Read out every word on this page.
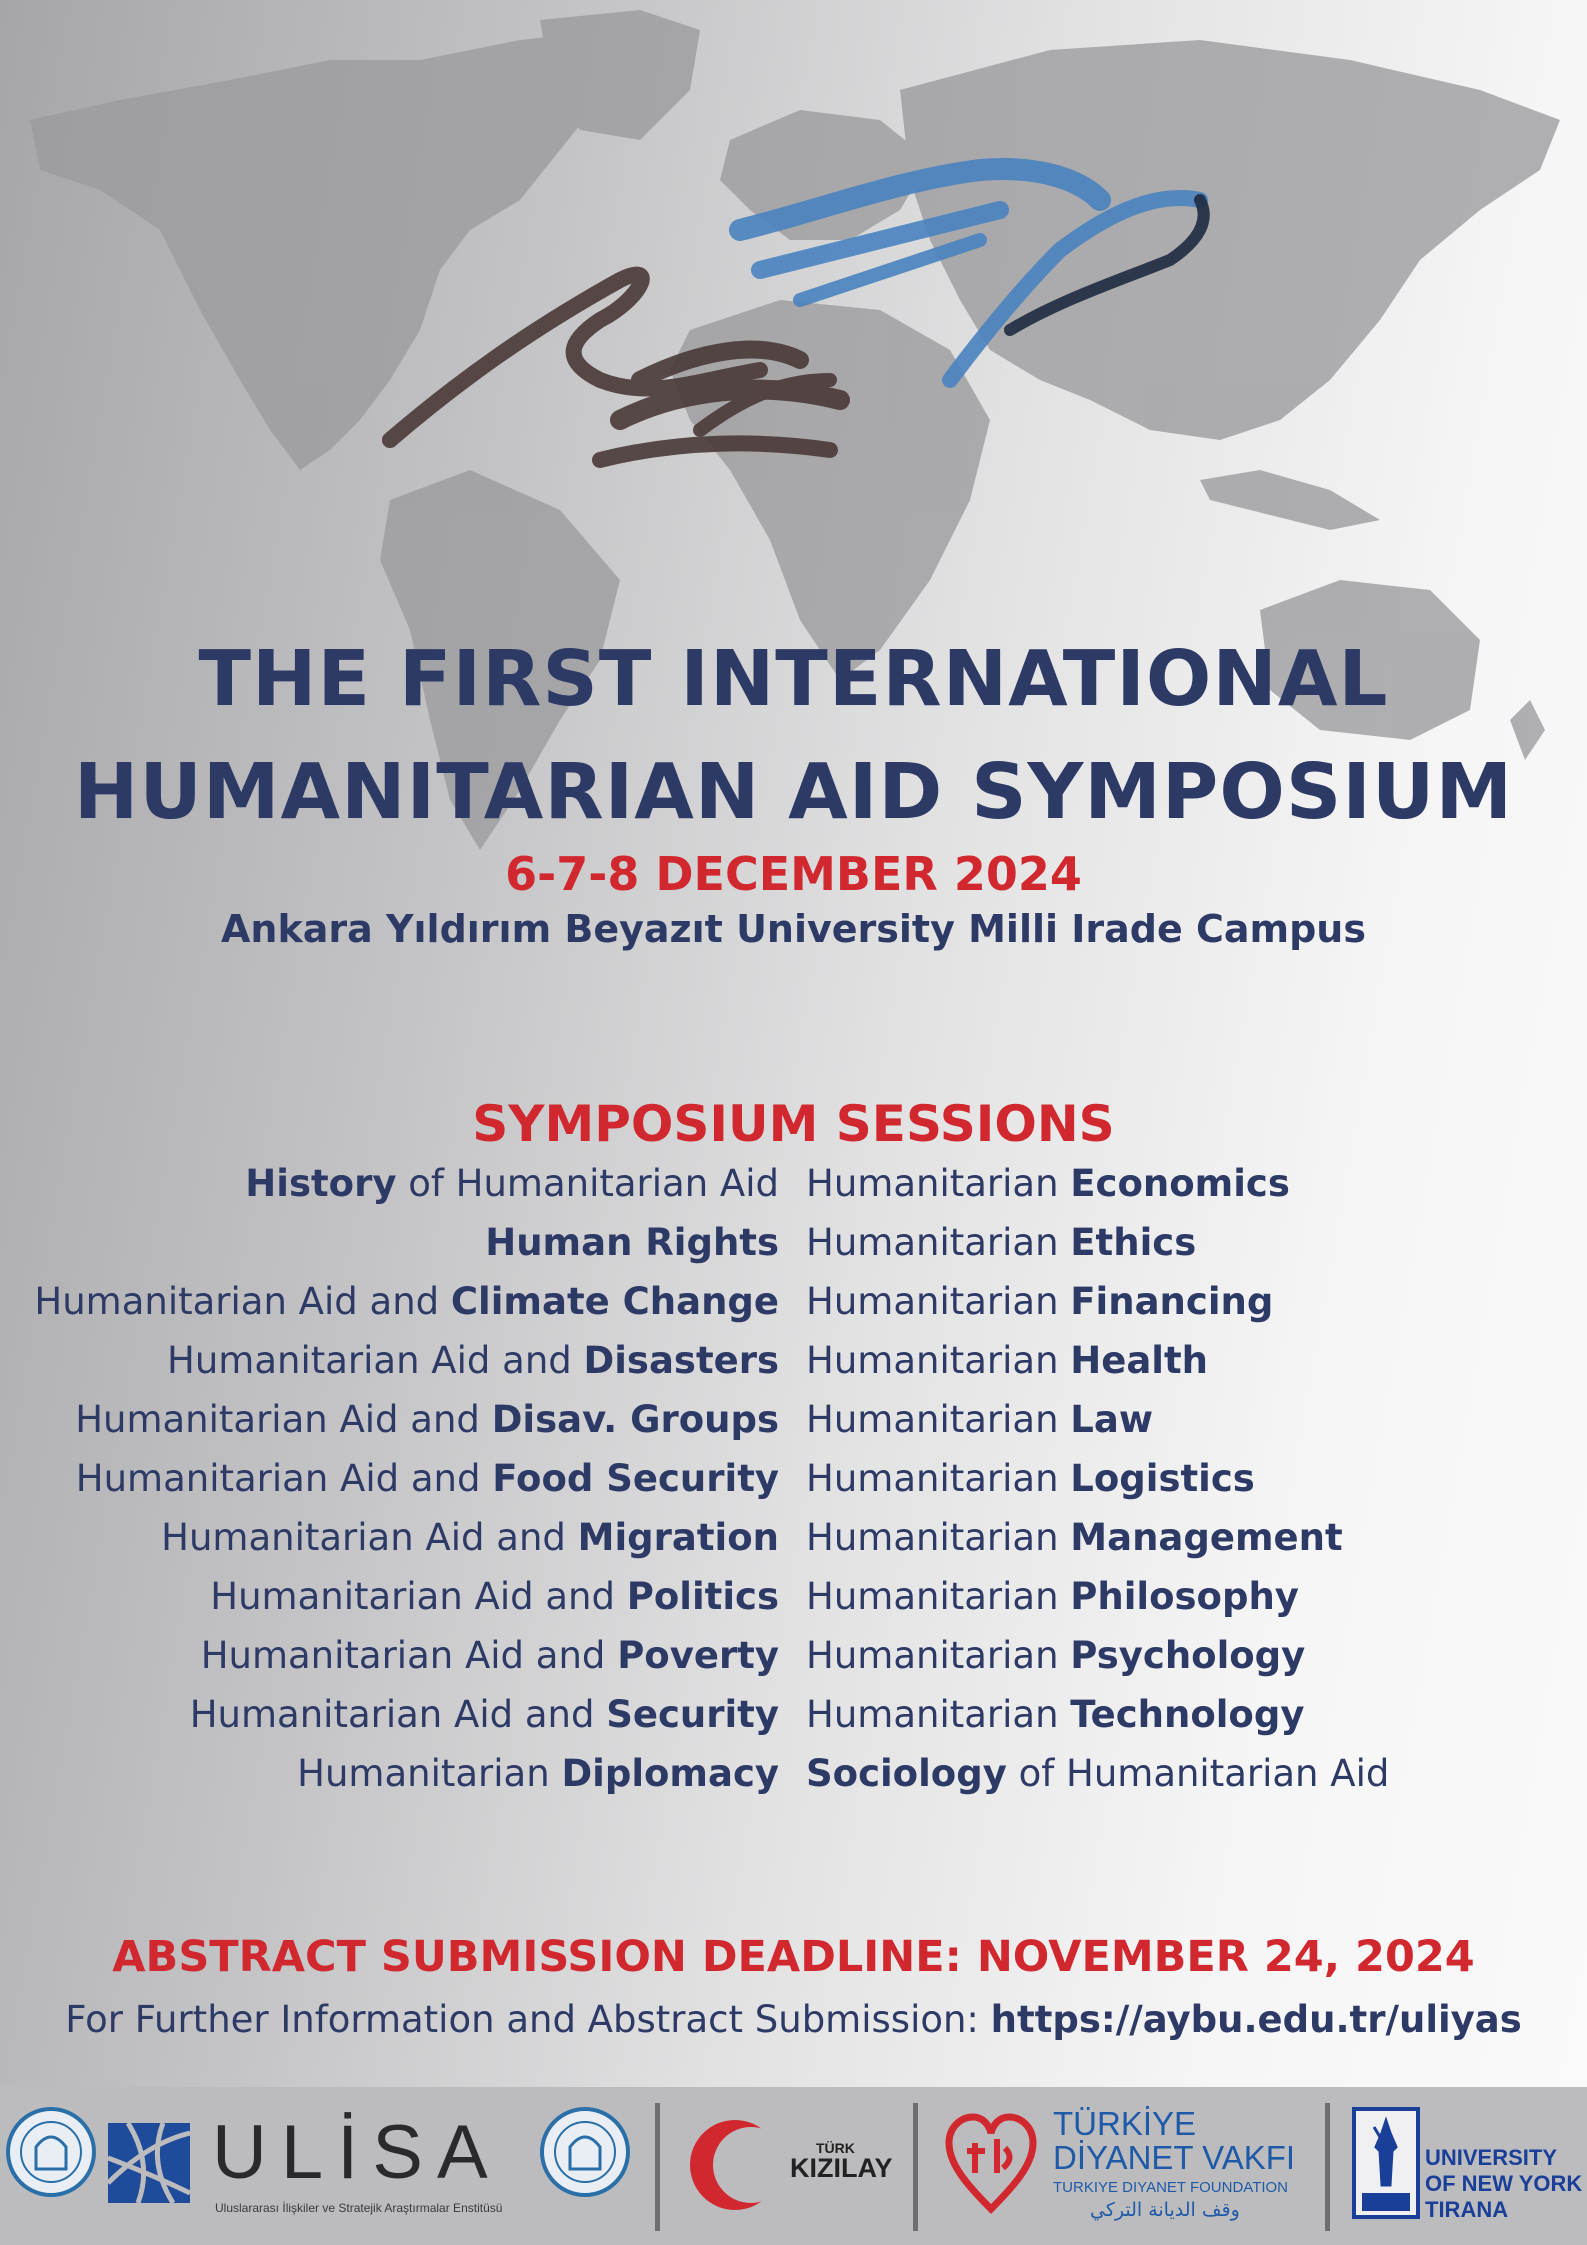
THE FIRST INTERNATIONAL
HUMANITARIAN AID SYMPOSIUM
6-7-8 DECEMBER 2024
Ankara Yıldırım Beyazıt University Milli Irade Campus
SYMPOSIUM SESSIONS
History of Humanitarian Aid
Human Rights
Humanitarian Aid and Climate Change
Humanitarian Aid and Disasters
Humanitarian Aid and Disav. Groups
Humanitarian Aid and Food Security
Humanitarian Aid and Migration
Humanitarian Aid and Politics
Humanitarian Aid and Poverty
Humanitarian Aid and Security
Humanitarian Diplomacy
Humanitarian Economics
Humanitarian Ethics
Humanitarian Financing
Humanitarian Health
Humanitarian Law
Humanitarian Logistics
Humanitarian Management
Humanitarian Philosophy
Humanitarian Psychology
Humanitarian Technology
Sociology of Humanitarian Aid
ABSTRACT SUBMISSION DEADLINE: NOVEMBER 24, 2024
For Further Information and Abstract Submission: https://aybu.edu.tr/uliyas
ULİSA
Uluslararası İlişkiler ve Stratejik Araştırmalar Enstitüsü
TÜRK
KIZILAY
TÜRKİYE
DİYANET VAKFI
TURKIYE DIYANET FOUNDATION
وقف الديانة التركي
UNIVERSITY
OF NEW YORK
TIRANA
